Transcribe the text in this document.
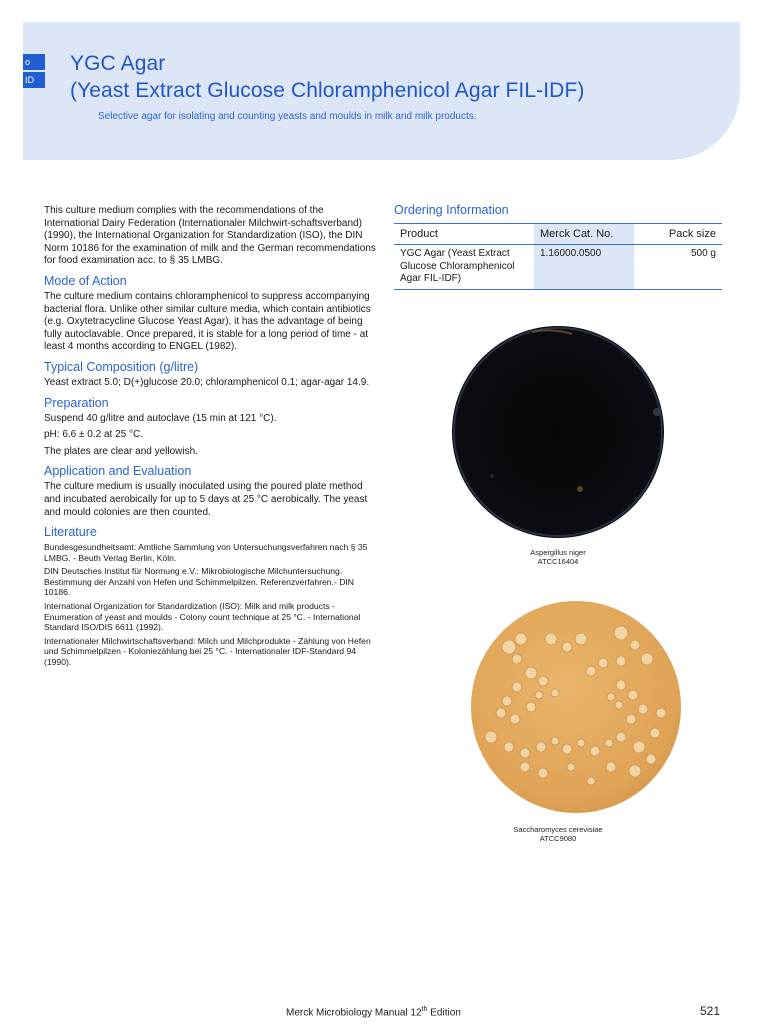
o
ID
YGC Agar
(Yeast Extract Glucose Chloramphenicol Agar FIL-IDF)
Selective agar for isolating and counting yeasts and moulds in milk and milk products.

This culture medium complies with the recommendations of the International Dairy Federation (Internationaler Milchwirt-schaftsverband) (1990), the International Organization for Standardization (ISO), the DIN Norm 10186 for the examination of milk and the German recommendations for food examination acc. to § 35 LMBG.

Mode of Action

The culture medium contains chloramphenicol to suppress accompanying bacterial flora. Unlike other similar culture media, which contain antibiotics (e.g. Oxytetracycline Glucose Yeast Agar), it has the advantage of being fully autoclavable. Once prepared, it is stable for a long period of time - at least 4 months according to ENGEL (1982).

Typical Composition (g/litre)

Yeast extract 5.0; D(+)glucose 20.0; chloramphenicol 0.1; agar-agar 14.9.

Preparation

Suspend 40 g/litre and autoclave (15 min at 121 °C).

pH: 6.6 ± 0.2 at 25 °C.

The plates are clear and yellowish.

Application and Evaluation

The culture medium is usually inoculated using the poured plate method and incubated aerobically for up to 5 days at 25 °C aerobically. The yeast and mould colonies are then counted.

Literature

Bundesgesundheitsamt: Amtliche Sammlung von Untersuchungsverfahren nach § 35 LMBG. - Beuth Verlag Berlin, Köln.

DIN Deutsches Institut für Normung e.V.: Mikrobiologische Milchuntersuchung. Bestimmung der Anzahl von Hefen und Schimmelpilzen. Referenzverfahren.- DIN 10186.

International Organization for Standardization (ISO): Milk and milk products - Enumeration of yeast and moulds - Colony count technique at 25 °C. - International Standard ISO/DIS 6611 (1992).

Internationaler Milchwirtschaftsverband: Milch und Milchprodukte - Zählung von Hefen und Schimmelpilzen - Koloniezählung bei 25 °C. - Internationaler IDF-Standard 94 (1990).

Ordering Information
Product	Merck Cat. No.	Pack size
YGC Agar (Yeast Extract Glucose Chloramphenicol Agar FIL-IDF)	1.16000.0500	500 g
Aspergillus niger
ATCC16404
Saccharomyces cerevisiae
ATCC9080
Merck Microbiology Manual 12th Edition	521
